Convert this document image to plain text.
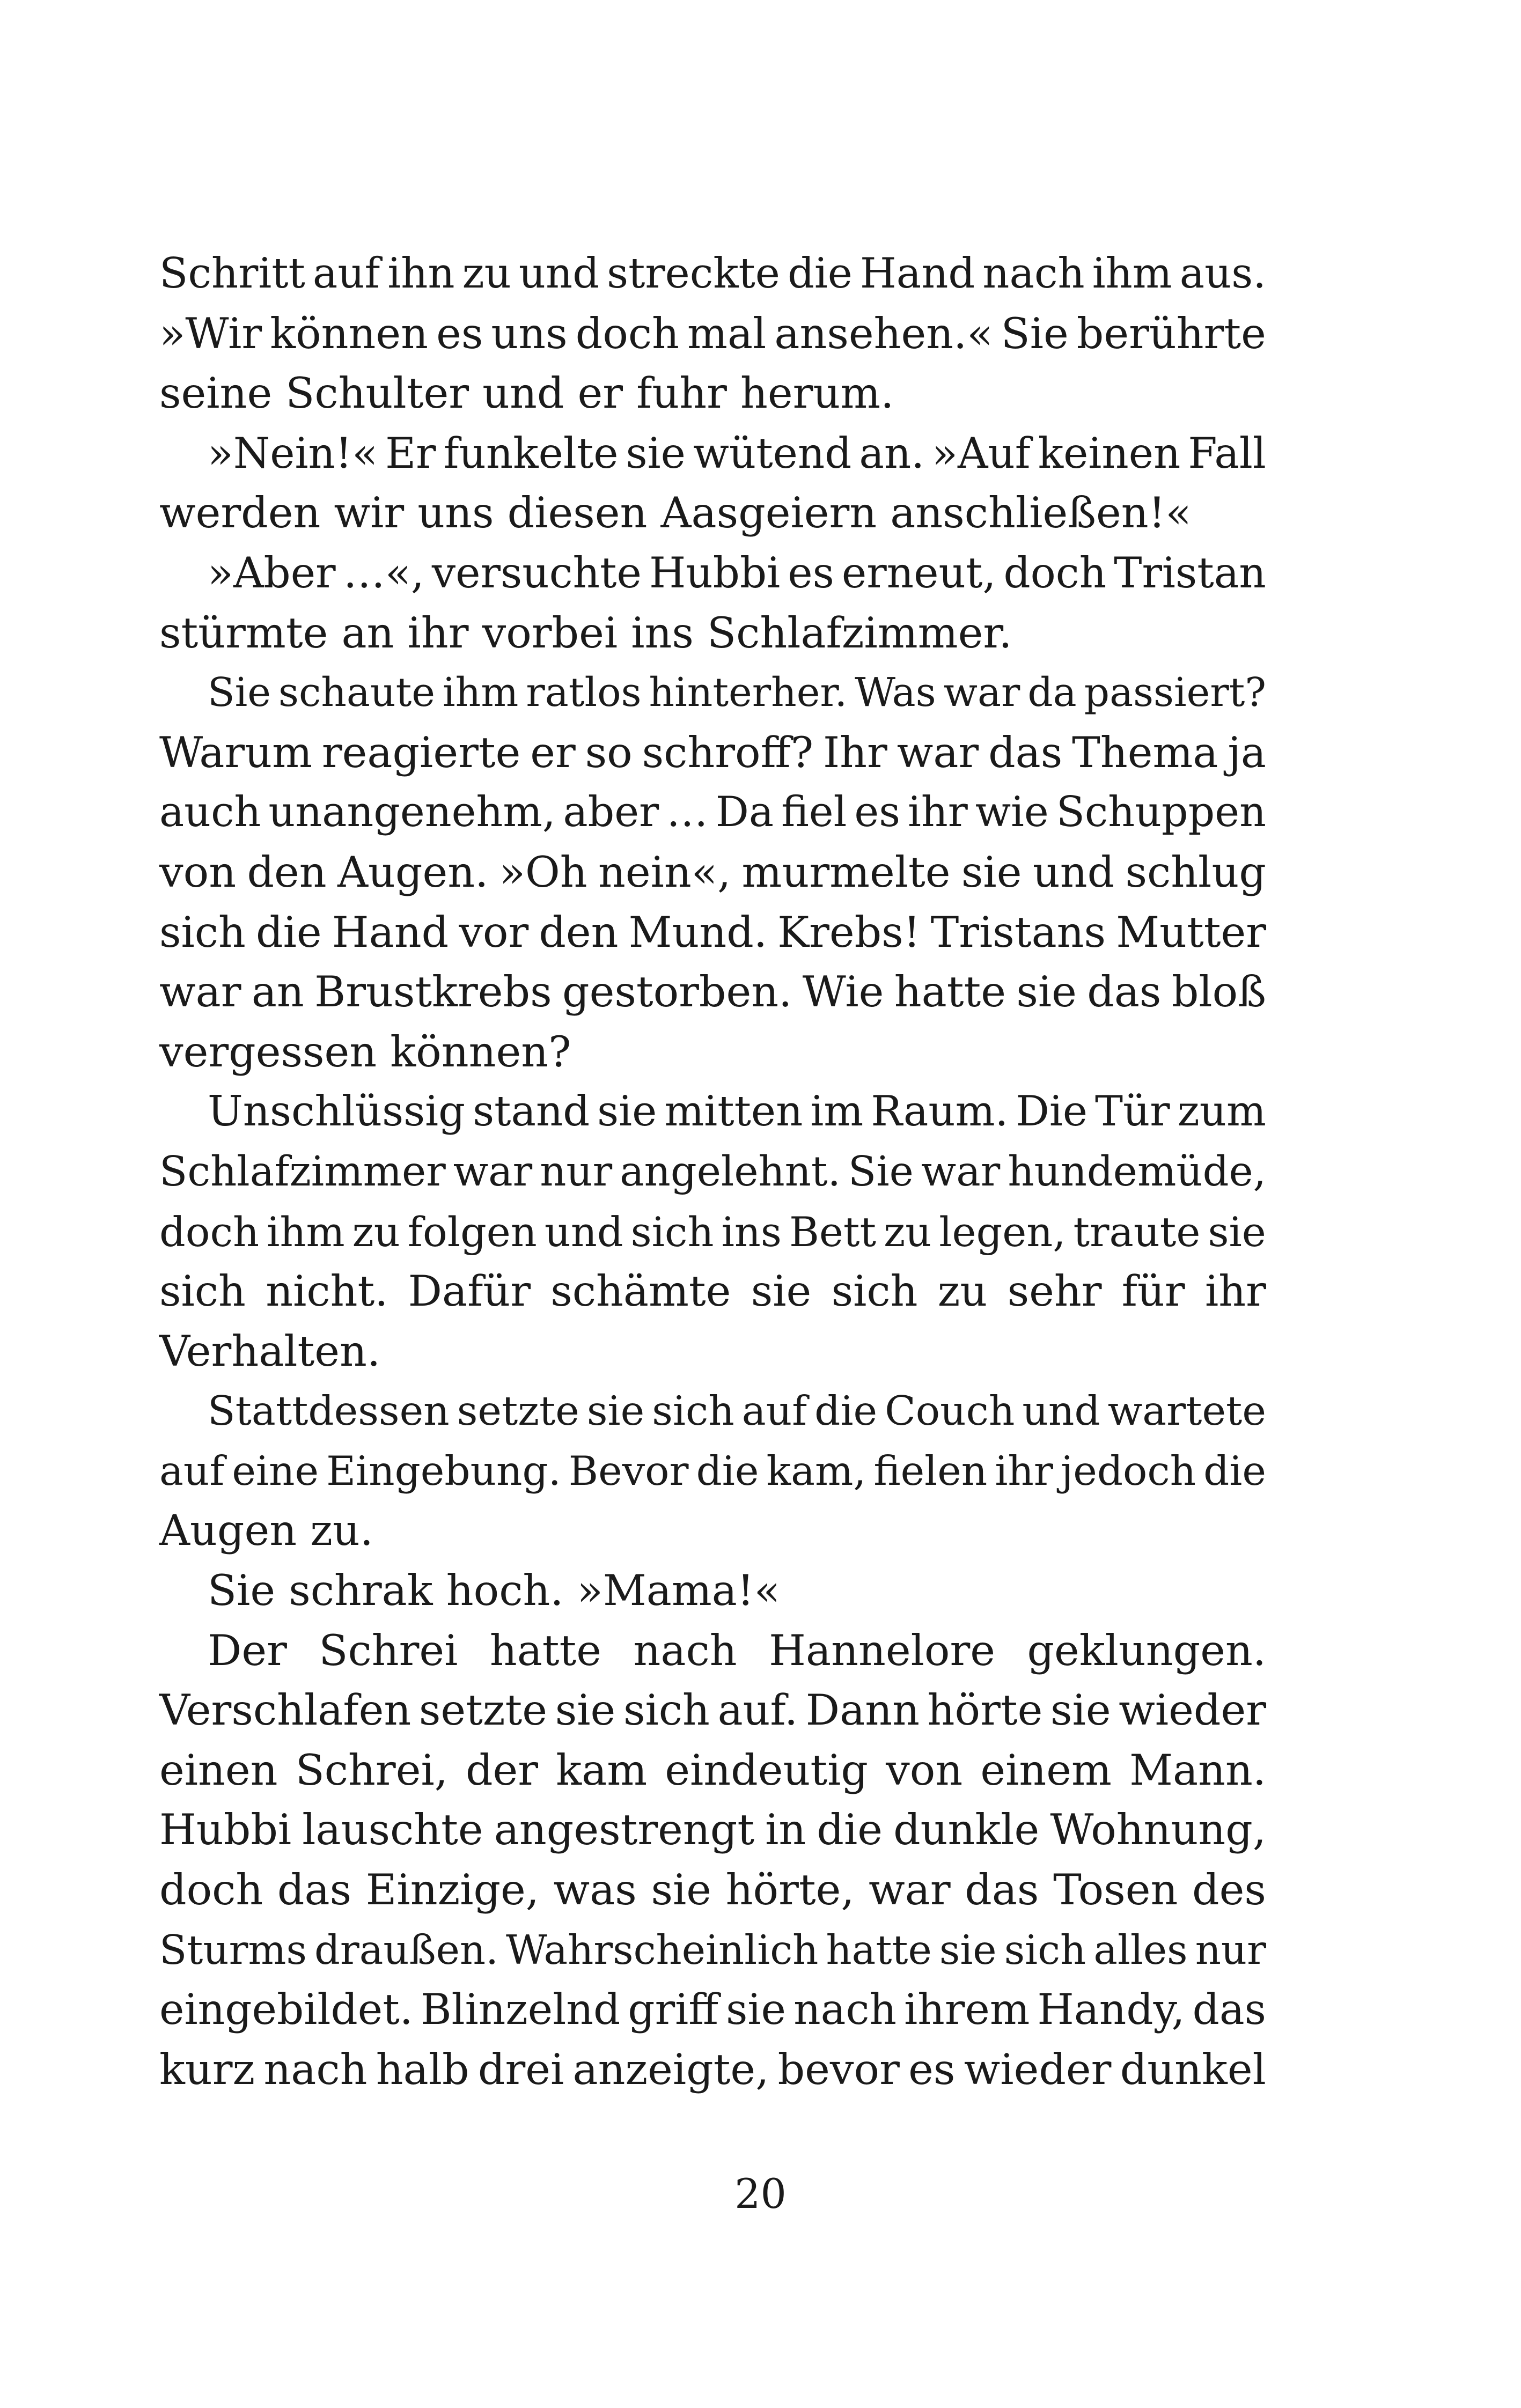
Schritt auf ihn zu und streckte die Hand nach ihm aus.
»Wir können es uns doch mal ansehen.« Sie berührte
seine Schulter und er fuhr herum.
»Nein!« Er funkelte sie wütend an. »Auf keinen Fall
werden wir uns diesen Aasgeiern anschließen!«
»Aber …«, versuchte Hubbi es erneut, doch Tristan
stürmte an ihr vorbei ins Schlafzimmer.
Sie schaute ihm ratlos hinterher. Was war da passiert?
Warum reagierte er so schroff? Ihr war das Thema ja
auch unangenehm, aber … Da fiel es ihr wie Schuppen
von den Augen. »Oh nein«, murmelte sie und schlug
sich die Hand vor den Mund. Krebs! Tristans Mutter
war an Brustkrebs gestorben. Wie hatte sie das bloß
vergessen können?
Unschlüssig stand sie mitten im Raum. Die Tür zum
Schlafzimmer war nur angelehnt. Sie war hundemüde,
doch ihm zu folgen und sich ins Bett zu legen, traute sie
sich nicht. Dafür schämte sie sich zu sehr für ihr
Verhalten.
Stattdessen setzte sie sich auf die Couch und wartete
auf eine Eingebung. Bevor die kam, fielen ihr jedoch die
Augen zu.
Sie schrak hoch. »Mama!«
Der Schrei hatte nach Hannelore geklungen.
Verschlafen setzte sie sich auf. Dann hörte sie wieder
einen Schrei, der kam eindeutig von einem Mann.
Hubbi lauschte angestrengt in die dunkle Wohnung,
doch das Einzige, was sie hörte, war das Tosen des
Sturms draußen. Wahrscheinlich hatte sie sich alles nur
eingebildet. Blinzelnd griff sie nach ihrem Handy, das
kurz nach halb drei anzeigte, bevor es wieder dunkel
20
